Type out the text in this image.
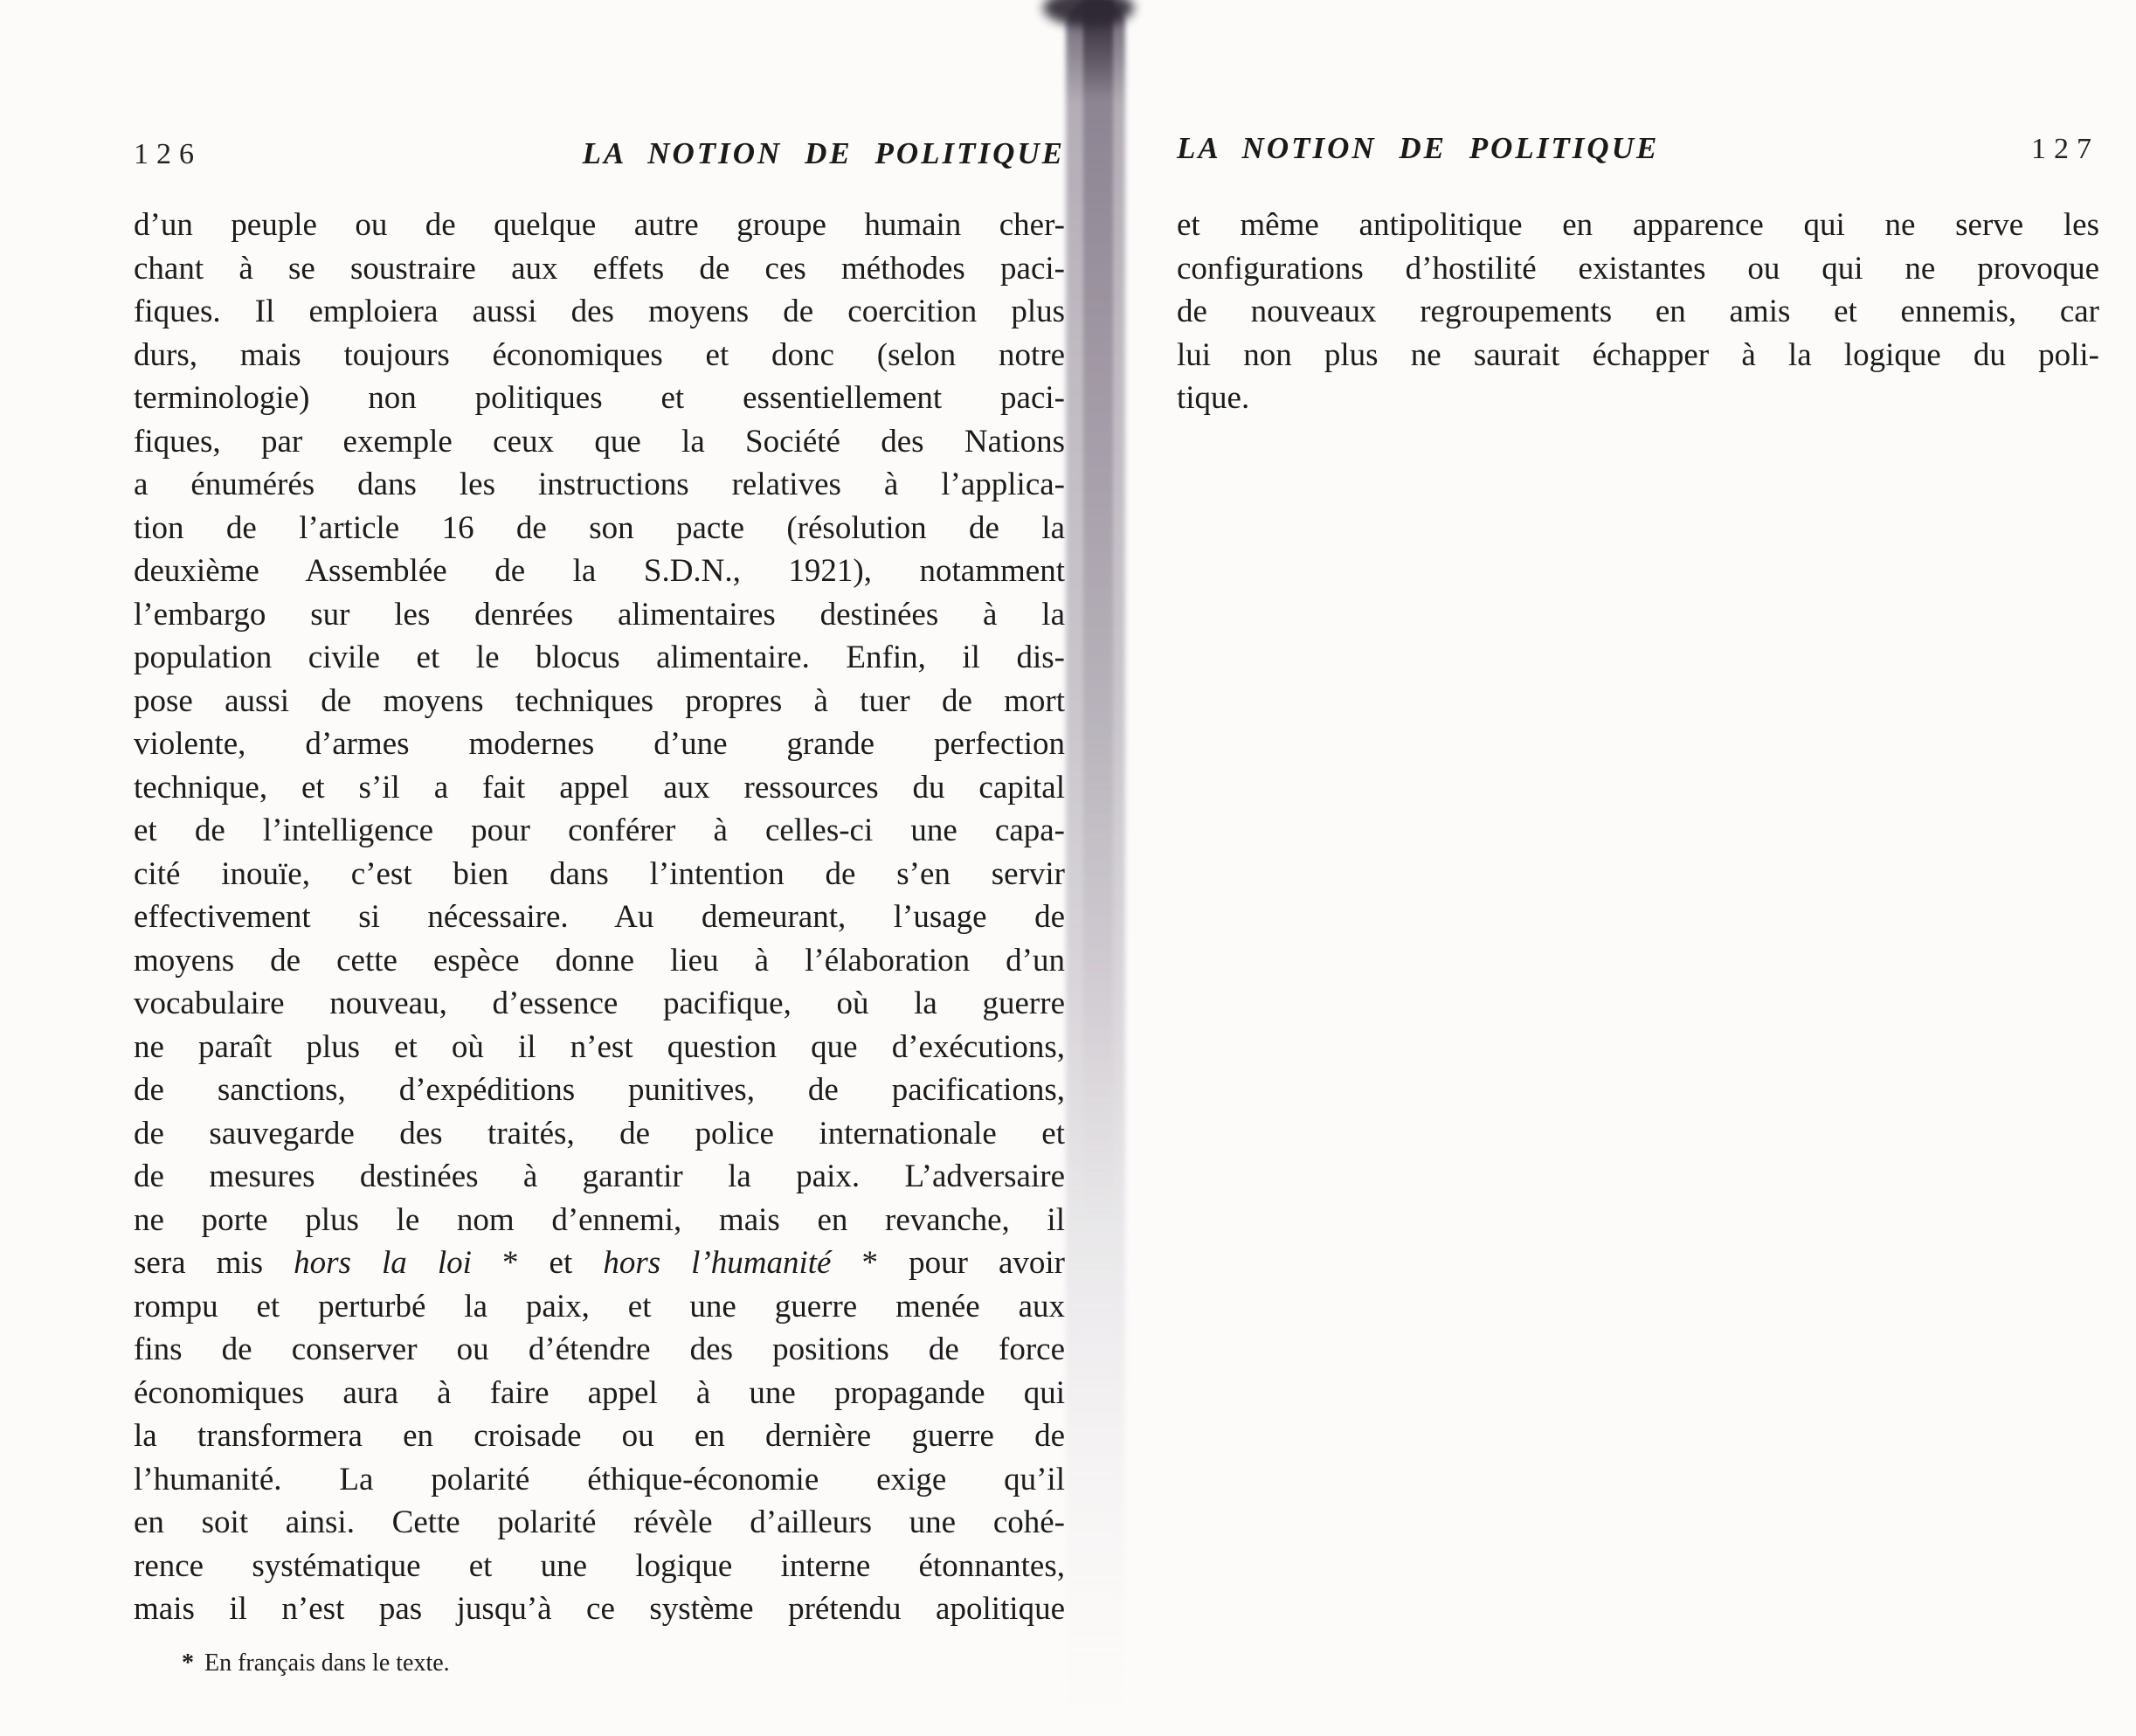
126	LA NOTION DE POLITIQUE
d’un peuple ou de quelque autre groupe humain cher-
chant à se soustraire aux effets de ces méthodes paci-
fiques. Il emploiera aussi des moyens de coercition plus
durs, mais toujours économiques et donc (selon notre
terminologie) non politiques et essentiellement paci-
fiques, par exemple ceux que la Société des Nations
a énumérés dans les instructions relatives à l’applica-
tion de l’article 16 de son pacte (résolution de la
deuxième Assemblée de la S.D.N., 1921), notamment
l’embargo sur les denrées alimentaires destinées à la
population civile et le blocus alimentaire. Enfin, il dis-
pose aussi de moyens techniques propres à tuer de mort
violente, d’armes modernes d’une grande perfection
technique, et s’il a fait appel aux ressources du capital
et de l’intelligence pour conférer à celles-ci une capa-
cité inouïe, c’est bien dans l’intention de s’en servir
effectivement si nécessaire. Au demeurant, l’usage de
moyens de cette espèce donne lieu à l’élaboration d’un
vocabulaire nouveau, d’essence pacifique, où la guerre
ne paraît plus et où il n’est question que d’exécutions,
de sanctions, d’expéditions punitives, de pacifications,
de sauvegarde des traités, de police internationale et
de mesures destinées à garantir la paix. L’adversaire
ne porte plus le nom d’ennemi, mais en revanche, il
sera mis hors la loi * et hors l’humanité * pour avoir
rompu et perturbé la paix, et une guerre menée aux
fins de conserver ou d’étendre des positions de force
économiques aura à faire appel à une propagande qui
la transformera en croisade ou en dernière guerre de
l’humanité. La polarité éthique-économie exige qu’il
en soit ainsi. Cette polarité révèle d’ailleurs une cohé-
rence systématique et une logique interne étonnantes,
mais il n’est pas jusqu’à ce système prétendu apolitique
* En français dans le texte.
LA NOTION DE POLITIQUE	127
et même antipolitique en apparence qui ne serve les
configurations d’hostilité existantes ou qui ne provoque
de nouveaux regroupements en amis et ennemis, car
lui non plus ne saurait échapper à la logique du poli-
tique.
